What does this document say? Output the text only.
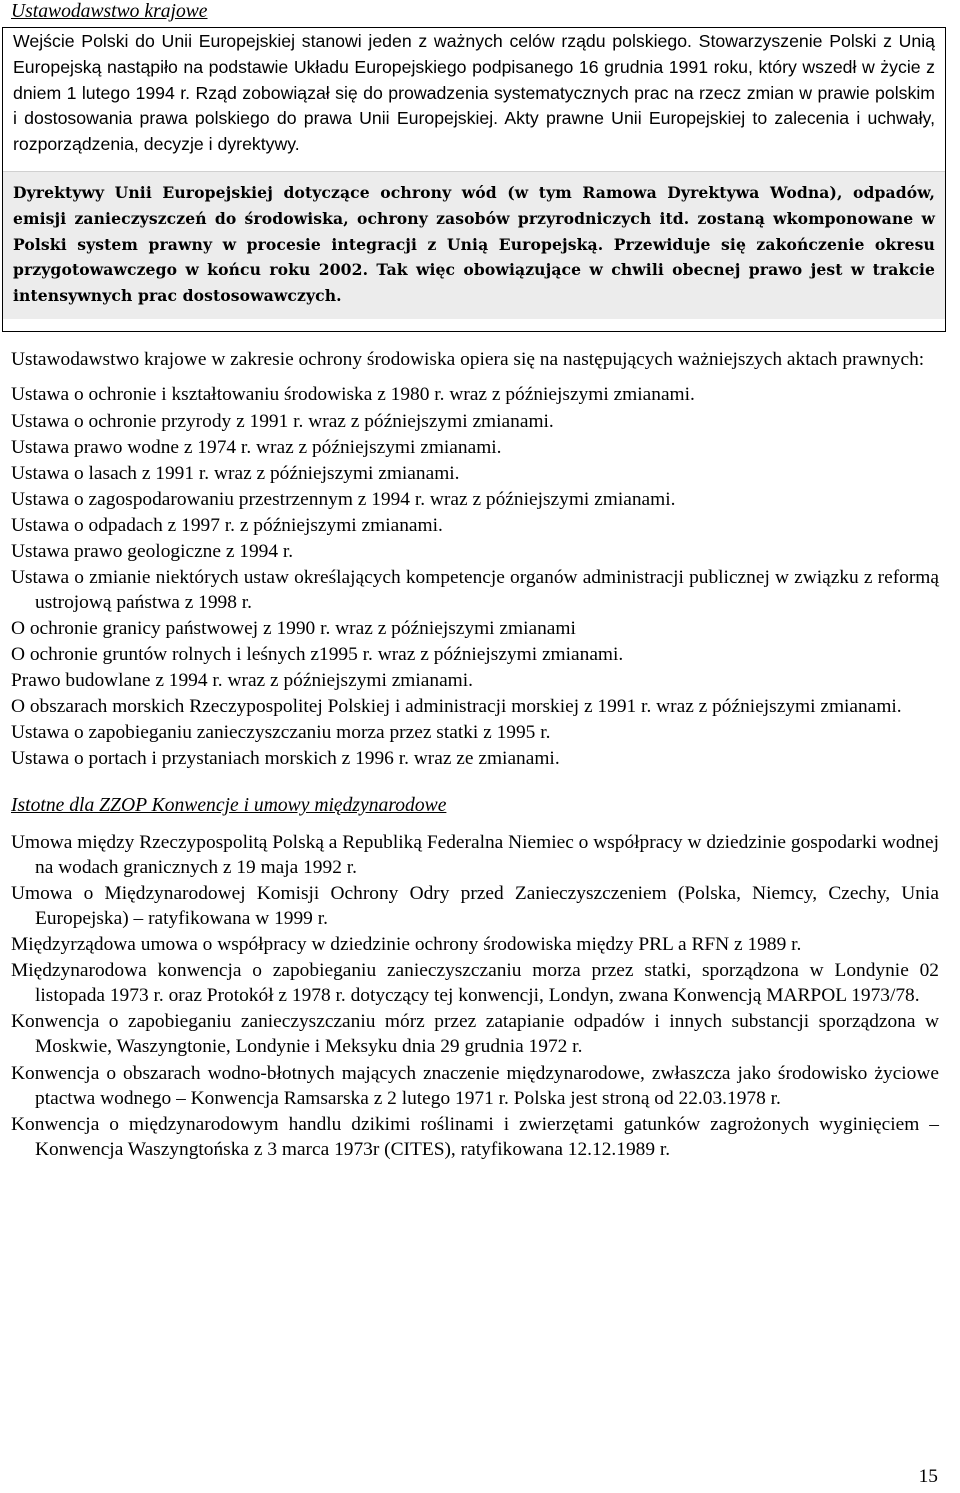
Ustawodawstwo krajowe

Wejście Polski do Unii Europejskiej stanowi jeden z ważnych celów rządu polskiego. Stowarzyszenie Polski z Unią Europejską nastąpiło na podstawie Układu Europejskiego podpisanego 16 grudnia 1991 roku, który wszedł w życie z dniem 1 lutego 1994 r. Rząd zobowiązał się do prowadzenia systematycznych prac na rzecz zmian w prawie polskim i dostosowania prawa polskiego do prawa Unii Europejskiej. Akty prawne Unii Europejskiej to zalecenia i uchwały, rozporządzenia, decyzje i dyrektywy.

Dyrektywy Unii Europejskiej dotyczące ochrony wód (w tym Ramowa Dyrektywa Wodna), odpadów, emisji zanieczyszczeń do środowiska, ochrony zasobów przyrodniczych itd. zostaną wkomponowane w Polski system prawny w procesie integracji z Unią Europejską. Przewiduje się zakończenie okresu przygotowawczego w końcu roku 2002. Tak więc obowiązujące w chwili obecnej prawo jest w trakcie intensywnych prac dostosowawczych.

Ustawodawstwo krajowe w zakresie ochrony środowiska opiera się na następujących ważniejszych aktach prawnych:

Ustawa o ochronie i kształtowaniu środowiska z 1980 r. wraz z późniejszymi zmianami.
Ustawa o ochronie przyrody z 1991 r. wraz z późniejszymi zmianami.
Ustawa prawo wodne z 1974 r. wraz z późniejszymi zmianami.
Ustawa o lasach z 1991 r. wraz z późniejszymi zmianami.
Ustawa o zagospodarowaniu przestrzennym z 1994 r. wraz z późniejszymi zmianami.
Ustawa o odpadach z 1997 r. z późniejszymi zmianami.
Ustawa prawo geologiczne z 1994 r.
Ustawa o zmianie niektórych ustaw określających kompetencje organów administracji publicznej w związku z reformą ustrojową państwa z 1998 r.
O ochronie granicy państwowej z 1990 r. wraz z późniejszymi zmianami
O ochronie gruntów rolnych i leśnych z1995 r. wraz z późniejszymi zmianami.
Prawo budowlane z 1994 r. wraz z późniejszymi zmianami.
O obszarach morskich Rzeczypospolitej Polskiej i administracji morskiej z 1991 r. wraz z późniejszymi zmianami.
Ustawa o zapobieganiu zanieczyszczaniu morza przez statki z 1995 r.
Ustawa o portach i przystaniach morskich z 1996 r. wraz ze zmianami.
Istotne dla ZZOP Konwencje i umowy międzynarodowe
Umowa między Rzeczypospolitą Polską a Republiką Federalna Niemiec o współpracy w dziedzinie gospodarki wodnej na wodach granicznych z 19 maja 1992 r.
Umowa o Międzynarodowej Komisji Ochrony Odry przed Zanieczyszczeniem (Polska, Niemcy, Czechy, Unia Europejska) – ratyfikowana w 1999 r.
Międzyrządowa umowa o współpracy w dziedzinie ochrony środowiska między PRL a RFN z 1989 r.
Międzynarodowa konwencja o zapobieganiu zanieczyszczaniu morza przez statki, sporządzona w Londynie 02 listopada 1973 r. oraz Protokół z 1978 r. dotyczący tej konwencji, Londyn, zwana Konwencją MARPOL 1973/78.
Konwencja o zapobieganiu zanieczyszczaniu mórz przez zatapianie odpadów i innych substancji sporządzona w Moskwie, Waszyngtonie, Londynie i Meksyku dnia 29 grudnia 1972 r.
Konwencja o obszarach wodno-błotnych mających znaczenie międzynarodowe, zwłaszcza jako środowisko życiowe ptactwa wodnego – Konwencja Ramsarska z 2 lutego 1971 r. Polska jest stroną od 22.03.1978 r.
Konwencja o międzynarodowym handlu dzikimi roślinami i zwierzętami gatunków zagrożonych wyginięciem – Konwencja Waszyngtońska z 3 marca 1973r (CITES), ratyfikowana 12.12.1989 r.
15
